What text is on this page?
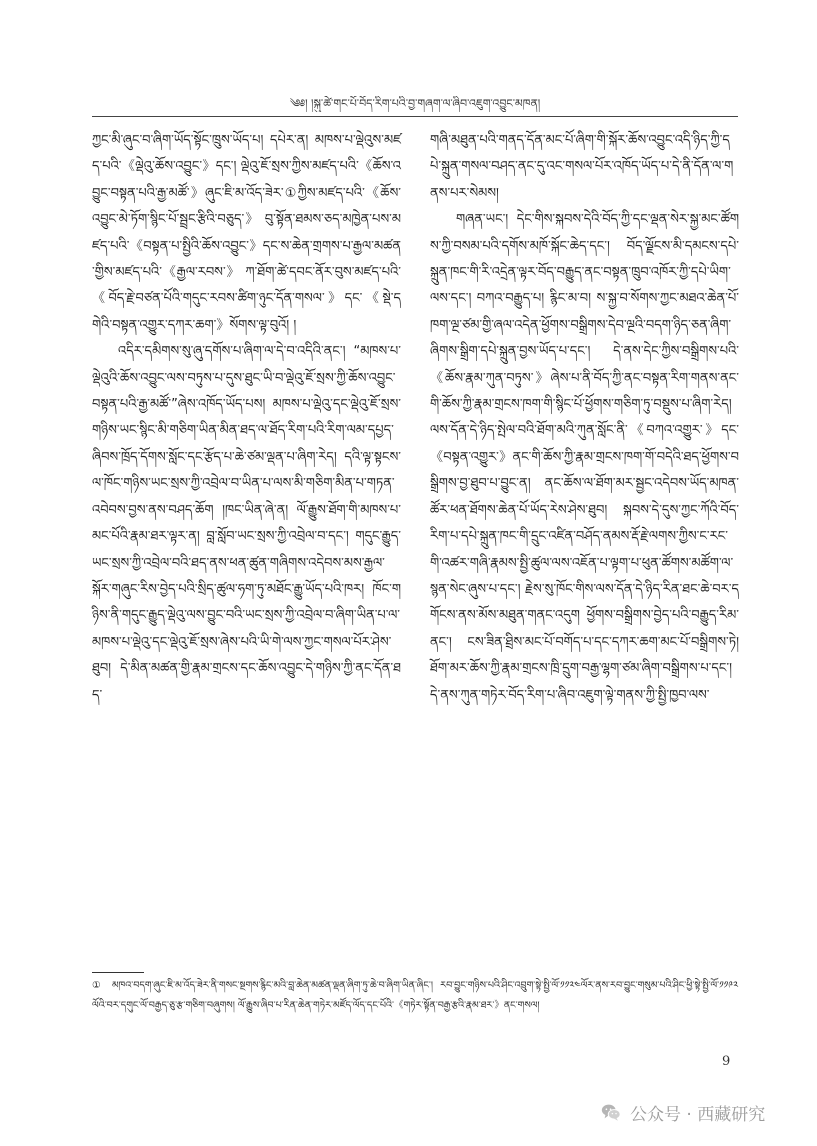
༄༅། །སྐུ་ཚེ་གང་པོ་བོད་རིག་པའི་བྱ་གཞག་ལ་ཞིབ་འཇུག་འབྱུང་མཁན།

ཀྱང་མི་ཞུང་བ་ཞིག་ཡོད་སྟོང་ཁྲུས་ཡོད་པ། དཔེར་ན། མཁས་པ་ལྡེའུས་མཛད་པའི་《ལྡེའུ་ཆོས་འབྱུང་》དང་། ལྡེའུ་ཇོ་སྲས་ཀྱིས་མཛད་པའི་《ཆོས་འབྱུང་བསྟན་པའི་རྒྱ་མཚོ་》ཞུང་ཇི་མ་འོད་ཟེར་①ཀྱིས་མཛད་པའི་《ཆོས་འབྱུང་མེ་ཏོག་སྙིང་པོ་སྦྲང་རྩིའི་བཅུད་》 བུ་སྟོན་ཐམས་ཅད་མཁྱེན་པས་མཛད་པའི་《བསྟན་པ་སྤྱིའི་ཆོས་འབྱུང་》དང་ས་ཆེན་གྲགས་པ་རྒྱལ་མཚན་གྱིས་མཛད་པའི་《རྒྱལ་རབས་》 ཀ་ཐོག་ཚེ་དབང་ནོར་བུས་མཛད་པའི་《བོད་རྗེ་བཙན་པོའི་གདུང་རབས་ཚིག་ཉུང་དོན་གསལ་》དང་《སྡེ་དགེའི་བསྟན་འགྱུར་དཀར་ཆག་》སོགས་ལྟ་བུའོ། །

འདིར་དམིགས་སུ་ཞུ་དགོས་པ་ཞིག་ལ་དེ་བ་འདིའི་ནང་། “མཁས་པ་ལྡེའུའི་ཆོས་འབྱུང་ལས་བཏུས་པ་དུས་ཐུང་ཡི་བ་ལྡེའུ་ཇོ་སྲས་ཀྱི་ཆོས་འབྱུང་བསྟན་པའི་རྒྱ་མཚོ་”ཞེས་འཁོད་ཡོད་པས། མཁས་པ་ལྡེའུ་དང་ལྡེའུ་ཇོ་སྲས་གཉིས་ཡང་སྙིང་མི་གཅིག་ཡིན་མིན་ཐད་ལ་ཐོད་རིག་པའི་རིག་ལམ་དཔྱད་ཞིབས་ཁྲོད་དོགས་སློང་དང་རྩོད་པ་ཆེ་ཙམ་ལྡན་པ་ཞིག་རེད། དའི་ལྟ་སྟངས་ལ་ཁོང་གཉིས་ཡང་སྲས་ཀྱི་འབྲེལ་བ་ཡིན་པ་ལས་མི་གཅིག་མིན་པ་གཏན་འབེབས་བྱས་ནས་བཤད་ཆོག །ཁང་ཡིན་ཞེ་ན། ལོ་རྒྱུས་ཐོག་གི་མཁས་པ་མང་པོའི་རྣམ་ཐར་ལྟར་ན། བླ་སློབ་ཡང་སྲས་ཀྱི་འབྲེལ་བ་དང་། གདུང་རྒྱུད་ཡང་སྲས་ཀྱི་འབྲེལ་བའི་ཐད་ནས་ཕན་ཚུན་གཞིགས་འདེབས་མས་རྒྱལ་སྐོར་གཞུང་རིས་བྱེད་པའི་སྲིད་ཚུལ་ཧག་ཏུ་མཐོང་རྒྱུ་ཡོད་པའི་ཁར། ཁོང་གཉིས་ནི་གདུང་རྒྱུད་ལྡེའུ་ལས་བྱུང་བའི་ཡང་སྲས་ཀྱི་འབྲེལ་བ་ཞིག་ཡིན་པ་ལ་མཁས་པ་ལྡེའུ་དང་ལྡེའུ་ཇོ་སྲས་ཞེས་པའི་ཡི་གེ་ལས་ཀྱང་གསལ་པོར་ཤེས་ཐུབ། དེ་མིན་མཚན་གྱི་རྣམ་གྲངས་དང་ཆོས་འབྱུང་དེ་གཉིས་ཀྱི་ནང་དོན་ཐད་

གཞི་མཐུན་པའི་གནད་དོན་མང་པོ་ཞིག་གི་སྐོར་ཆོས་འབྱུང་འདི་ཉིད་ཀྱི་དཔེ་སྐྲུན་གསལ་བཤད་ནང་དུ་འང་གསལ་པོར་འཁོད་ཡོད་པ་དེ་ནི་དོན་ལ་གནས་པར་སེམས།

གཞན་ཡང་། དེང་གིས་སྐབས་དེའི་བོད་ཀྱི་དང་ལྡན་སེར་སྐྱ་མང་ཚོགས་ཀྱི་བསམ་པའི་དགོས་མཁོ་སྐོང་ཆེད་དང་། བོད་ལྗོངས་མི་དམངས་དཔེ་སྐྲུན་ཁང་གི་རི་འདྲེན་ལྟར་བོད་བརྒྱུད་ནང་བསྟན་ཁྲུབ་འཁོར་ཀྱི་དཔེ་ཡིག་ལས་དང་། བཀའ་བརྒྱུད་པ། རྙིང་མ་བ། ས་སྐྱ་བ་སོགས་ཀྱང་མཐའ་ཆེན་པོ་ཁག་ལྔ་ཙམ་གྱི་ཞལ་འདེན་ཕྱོགས་བསྒྲིགས་དེབ་ལྔའི་བདག་ཉིད་ཅན་ཞིག་ཞིགས་སྒྲིག་དཔེ་སྐྲུན་བྱས་ཡོད་པ་དང་། དེ་ནས་དེང་ཀྱིས་བསྒྲིགས་པའི་《ཆོས་རྣམ་ཀུན་བཏུས་》ཞེས་པ་ནི་བོད་ཀྱི་ནང་བསྟན་རིག་གནས་ནང་གི་ཆོས་ཀྱི་རྣམ་གྲངས་ཁག་གི་སྙིང་པོ་ཕྱོགས་གཅིག་ཏུ་བསྡུས་པ་ཞིག་རེད། ལས་དོན་དེ་ཉིད་སྤེལ་བའི་ཐོག་མའི་ཀུན་སློང་ནི་《བཀའ་འགྱུར་》དང་《བསྟན་འགྱུར་》ནང་གི་ཆོས་ཀྱི་རྣམ་གྲངས་ཁག་གོ་བདེའི་ཐད་ཕྱོགས་བསྒྲིགས་བྱ་ཐུབ་པ་བྱུང་ན། ནང་ཆོས་ལ་ཐོག་མར་སྦྱང་འདེབས་ཡོད་མཁན་ཚོར་ཕན་ཐོགས་ཆེན་པོ་ཡོད་རེས་ཤེས་ཐུབ། སྐབས་དེ་དུས་ཀྱང་ཀོའི་བོད་རིག་པ་དཔེ་སྐྲུན་ཁང་གི་དྲུང་འཛིན་བཤོད་ནམས་རྡོ་རྗེ་ལགས་ཀྱིས་ང་རང་གི་འཚར་གཞི་རྣམས་སྤྱི་ཚུལ་ལས་འཇོན་པ་ལྟག་པ་ཕུན་ཚོགས་མཚོག་ལ་སྙན་སེང་ཞུས་པ་དང་། རྗེས་སུ་ཁོང་གིས་ལས་དོན་དེ་ཉིད་རིན་ཐང་ཆེ་བར་དགོངས་ནས་མོས་མཐུན་གནང་འདུག ཕྱོགས་བསྒྲིགས་བྱེད་པའི་བརྒྱུད་རིམ་ནང་། ངས་ཟིན་ཐྲིས་མང་པོ་བགོད་པ་དང་དཀར་ཆག་མང་པོ་བསྒྲིགས་ཏེ། ཐོག་མར་ཆོས་ཀྱི་རྣམ་གྲངས་ཁྲི་དྲུག་བརྒྱ་ལྷག་ཙམ་ཞིག་བསྒྲིགས་པ་དང་། དེ་ནས་ཀུན་གཏེར་བོད་རིག་པ་ཞིབ་འཇུག་ལྟེ་གནས་ཀྱི་སྤྱི་ཁྱབ་ལས་

① མཁའ་བདག་ཞུང་ཇི་མ་འོད་ཟེར་ནི་གསང་སྔགས་རྙིང་མའི་བླ་ཆེན་མཚན་ལྡན་ཞིག་ཏུ་ཆེ་བ་ཞིག་ཡིན་ཞིང་། རབ་བྱུང་གཉིས་པའི་ཤིང་འབྲུག་སྟེ་སྤྱི་ལོ་༡༡༢༤ལོར་ནས་རབ་བྱུང་གསུམ་པའི་ཤིང་ཕྱི་སྟེ་སྤྱི་ལོ་༡༡༩༢ལོའི་བར་དགུང་ལོ་བརྒྱད་ཅུ་རྩ་གཅིག་བཞུགས། ལོ་རྒྱུས་ཞིབ་པ་རིན་ཆེན་གཏེར་མཛོད་ལོད་དང་པོའི་《གཏེར་སྟོན་བརྒྱ་རྩའི་རྣམ་ཐར་》ནང་གསལ།
9
公众号 · 西藏研究
